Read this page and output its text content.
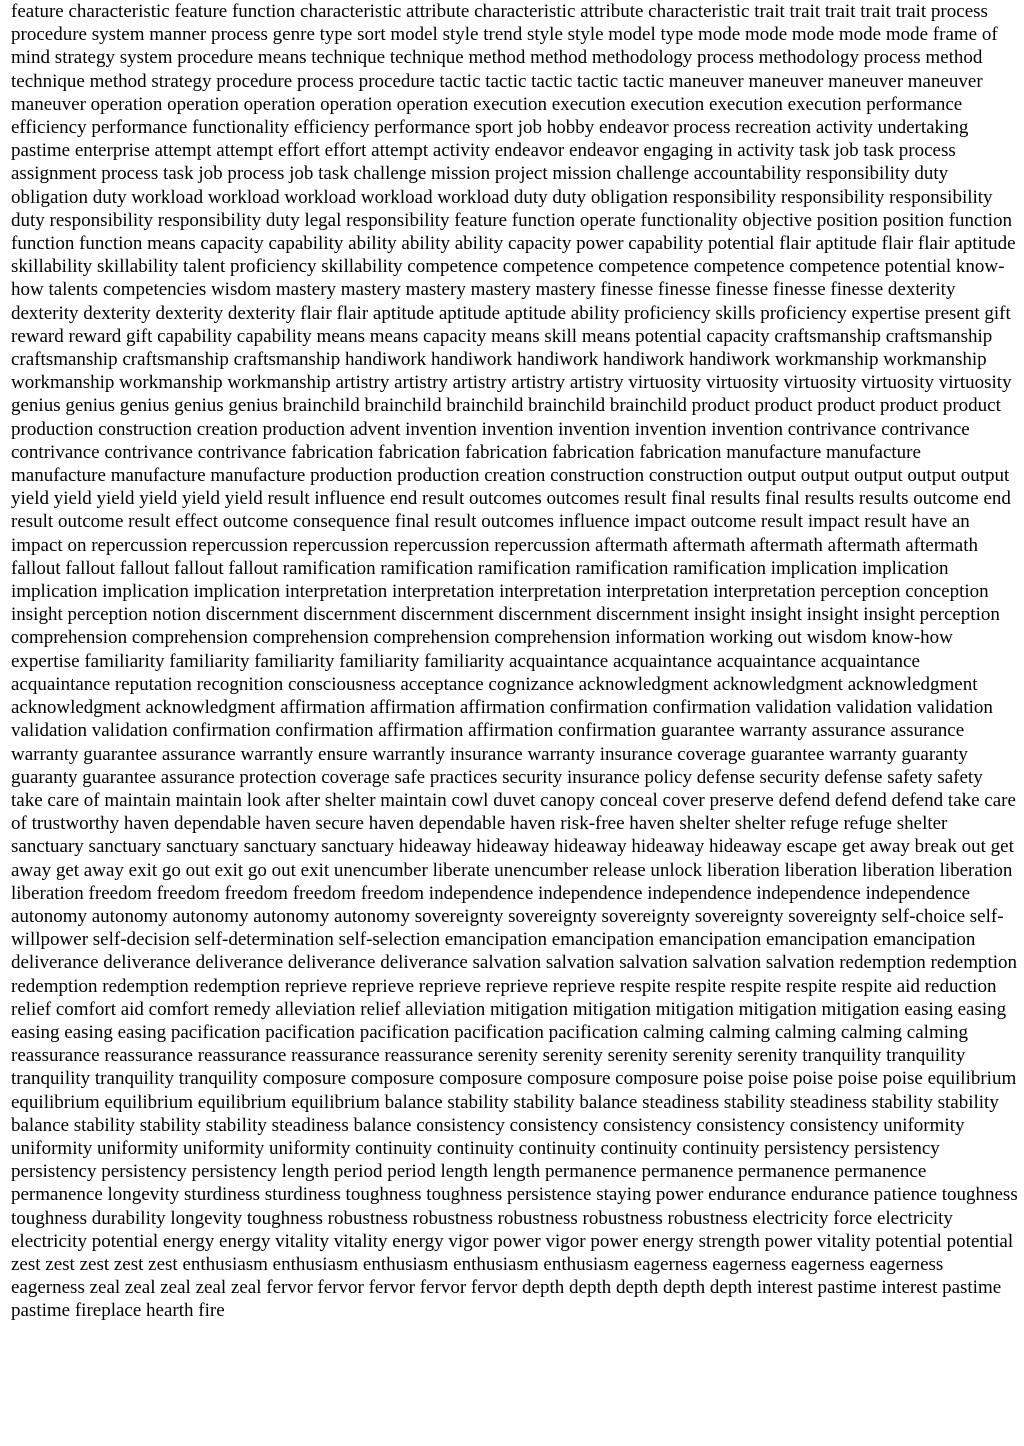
feature characteristic feature function characteristic attribute characteristic attribute characteristic trait trait trait trait trait process procedure system manner process genre type sort model style trend style style model type mode mode mode mode mode frame of mind strategy system procedure means technique technique method method methodology process methodology process method technique method strategy procedure process procedure tactic tactic tactic tactic tactic maneuver maneuver maneuver maneuver maneuver operation operation operation operation operation execution execution execution execution execution performance efficiency performance functionality efficiency performance sport job hobby endeavor process recreation activity undertaking pastime enterprise attempt attempt effort effort attempt activity endeavor endeavor engaging in activity task job task process assignment process task job process job task challenge mission project mission challenge accountability responsibility duty obligation duty workload workload workload workload workload duty duty obligation responsibility responsibility responsibility duty responsibility responsibility duty legal responsibility feature function operate functionality objective position position function function function means capacity capability ability ability ability capacity power capability potential flair aptitude flair flair aptitude skillability skillability talent proficiency skillability competence competence competence competence competence potential know-how talents competencies wisdom mastery mastery mastery mastery mastery finesse finesse finesse finesse finesse dexterity dexterity dexterity dexterity dexterity flair flair aptitude aptitude aptitude ability proficiency skills proficiency expertise present gift reward reward gift capability capability means means capacity means skill means potential capacity craftsmanship craftsmanship craftsmanship craftsmanship craftsmanship handiwork handiwork handiwork handiwork handiwork workmanship workmanship workmanship workmanship workmanship artistry artistry artistry artistry artistry virtuosity virtuosity virtuosity virtuosity virtuosity genius genius genius genius genius brainchild brainchild brainchild brainchild brainchild product product product product product production construction creation production advent invention invention invention invention invention contrivance contrivance contrivance contrivance contrivance fabrication fabrication fabrication fabrication fabrication manufacture manufacture manufacture manufacture manufacture production production creation construction construction output output output output output yield yield yield yield yield yield result influence end result outcomes outcomes result final results final results results outcome end result outcome result effect outcome consequence final result outcomes influence impact outcome result impact result have an impact on repercussion repercussion repercussion repercussion repercussion aftermath aftermath aftermath aftermath aftermath fallout fallout fallout fallout fallout ramification ramification ramification ramification ramification implication implication implication implication implication interpretation interpretation interpretation interpretation interpretation perception conception insight perception notion discernment discernment discernment discernment discernment insight insight insight insight perception comprehension comprehension comprehension comprehension comprehension information working out wisdom know-how expertise familiarity familiarity familiarity familiarity familiarity acquaintance acquaintance acquaintance acquaintance acquaintance reputation recognition consciousness acceptance cognizance acknowledgment acknowledgment acknowledgment acknowledgment acknowledgment affirmation affirmation affirmation confirmation confirmation validation validation validation validation validation confirmation confirmation affirmation affirmation confirmation guarantee warranty assurance assurance warranty guarantee assurance warrantly ensure warrantly insurance warranty insurance coverage guarantee warranty guaranty guaranty guarantee assurance protection coverage safe practices security insurance policy defense security defense safety safety take care of maintain maintain look after shelter maintain cowl duvet canopy conceal cover preserve defend defend defend take care of trustworthy haven dependable haven secure haven dependable haven risk-free haven shelter shelter refuge refuge shelter sanctuary sanctuary sanctuary sanctuary sanctuary hideaway hideaway hideaway hideaway hideaway escape get away break out get away get away exit go out exit go out exit unencumber liberate unencumber release unlock liberation liberation liberation liberation liberation freedom freedom freedom freedom freedom independence independence independence independence independence autonomy autonomy autonomy autonomy autonomy sovereignty sovereignty sovereignty sovereignty sovereignty self-choice self-willpower self-decision self-determination self-selection emancipation emancipation emancipation emancipation emancipation deliverance deliverance deliverance deliverance deliverance salvation salvation salvation salvation salvation redemption redemption redemption redemption redemption reprieve reprieve reprieve reprieve reprieve respite respite respite respite respite aid reduction relief comfort aid comfort remedy alleviation relief alleviation mitigation mitigation mitigation mitigation mitigation easing easing easing easing easing pacification pacification pacification pacification pacification calming calming calming calming calming reassurance reassurance reassurance reassurance reassurance serenity serenity serenity serenity serenity tranquility tranquility tranquility tranquility tranquility composure composure composure composure composure poise poise poise poise poise equilibrium equilibrium equilibrium equilibrium equilibrium balance stability stability balance steadiness stability steadiness stability stability balance stability stability stability steadiness balance consistency consistency consistency consistency consistency uniformity uniformity uniformity uniformity uniformity continuity continuity continuity continuity continuity persistency persistency persistency persistency persistency length period period length length permanence permanence permanence permanence permanence longevity sturdiness sturdiness toughness toughness persistence staying power endurance endurance patience toughness toughness durability longevity toughness robustness robustness robustness robustness robustness electricity force electricity electricity potential energy energy vitality vitality energy vigor power vigor power energy strength power vitality potential potential zest zest zest zest zest enthusiasm enthusiasm enthusiasm enthusiasm enthusiasm eagerness eagerness eagerness eagerness eagerness zeal zeal zeal zeal zeal fervor fervor fervor fervor fervor depth depth depth depth depth interest pastime interest pastime pastime fireplace hearth fire
